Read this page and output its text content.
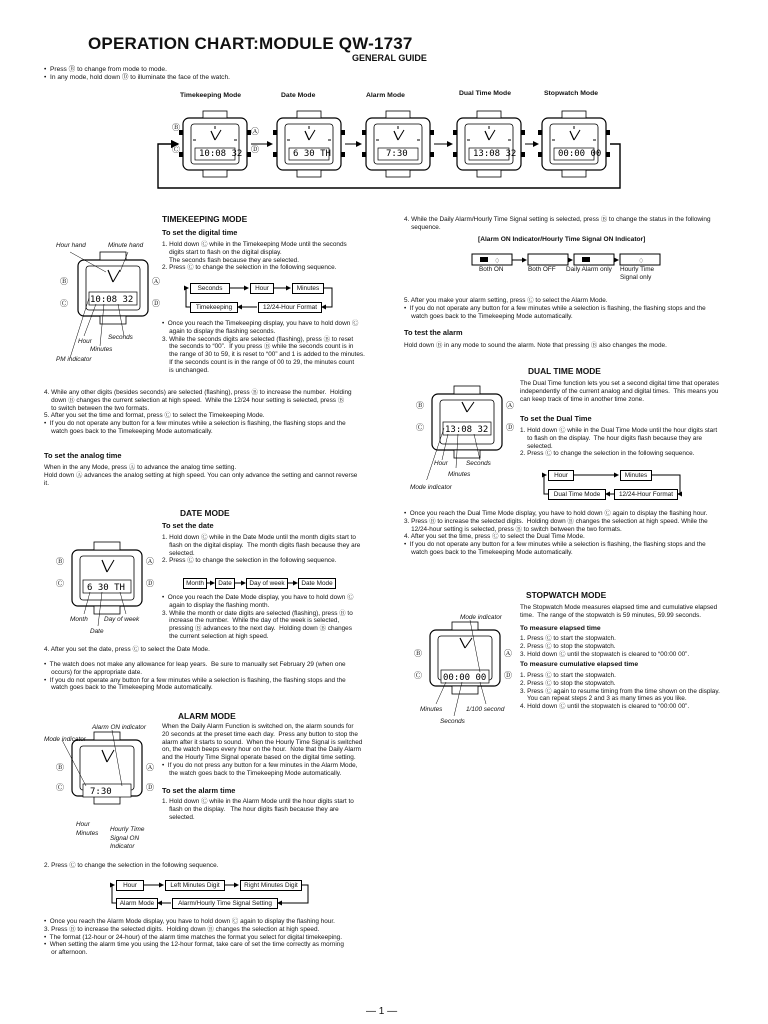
OPERATION CHART:MODULE QW-1737
GENERAL GUIDE
•  Press Ⓑ to change from mode to mode.
•  In any mode, hold down Ⓓ to illuminate the face of the watch.
Timekeeping Mode	Date Mode	Alarm Mode	Dual Time Mode	Stopwatch Mode
10:08 32	6 30 TH	7:30	13:08 32	00:00 00
Ⓑ
Ⓒ
Ⓐ
Ⓓ
TIMEKEEPING MODE
To set the digital time
10:08 32
Ⓑ
Ⓒ
Ⓐ
Ⓓ
Hour hand	Minute hand
Hour
Seconds
Minutes
PM indicator
1. Hold down Ⓒ while in the Timekeeping Mode until the seconds
digits start to flash on the digital display.
The seconds flash because they are selected.
2. Press Ⓒ to change the selection in the following sequence.
Seconds	Hour	Minutes
Timekeeping	12/24-Hour Format
•  Once you reach the Timekeeping display, you have to hold down Ⓒ
again to display the flashing seconds.
3. While the seconds digits are selected (flashing), press Ⓑ to reset
the seconds to “00”.  If you press Ⓑ while the seconds count is in
the range of 30 to 59, it is reset to “00” and 1 is added to the minutes.
If the seconds count is in the range of 00 to 29, the minutes count
is unchanged.
4. While any other digits (besides seconds) are selected (flashing), press Ⓑ to increase the number.  Holding
down Ⓑ changes the current selection at high speed.  While the 12/24 hour setting is selected, press Ⓑ
to switch between the two formats.
5. After you set the time and format, press Ⓒ to select the Timekeeping Mode.
•  If you do not operate any button for a few minutes while a selection is flashing, the flashing stops and the
watch goes back to the Timekeeping Mode automatically.
To set the analog time
When in the any Mode, press Ⓐ to advance the analog time setting.
Hold down Ⓐ advances the analog setting at high speed. You can only advance the setting and cannot reverse
it.
DATE MODE
To set the date
6 30 TH
Ⓑ
Ⓒ
Ⓐ
Ⓓ
Month	Day of week
Date
1. Hold down Ⓒ while in the Date Mode until the month digits start to
flash on the digital display.  The month digits flash because they are
selected.
2. Press Ⓒ to change the selection in the following sequence.
Month	Date	Day of week	Date Mode
•  Once you reach the Date Mode display, you have to hold down Ⓒ
again to display the flashing month.
3. While the month or date digits are selected (flashing), press Ⓑ to
increase the number.  While the day of the week is selected,
pressing Ⓑ advances to the next day.  Holding down Ⓑ changes
the current selection at high speed.
4. After you set the date, press Ⓒ to select the Date Mode.
•  The watch does not make any allowance for leap years.  Be sure to manually set February 29 (when one
occurs) for the appropriate date.
•  If you do not operate any button for a few minutes while a selection is flashing, the flashing stops and the
watch goes back to the Timekeeping Mode automatically.
ALARM MODE
7:30
Ⓑ
Ⓒ
Ⓐ
Ⓓ
Alarm ON indicator
Mode indicator
Hour
Minutes
Hourly Time
Signal ON
Indicator
When the Daily Alarm Function is switched on, the alarm sounds for
20 seconds at the preset time each day.  Press any button to stop the
alarm after it starts to sound.  When the Hourly Time Signal is switched
on, the watch beeps every hour on the hour.  Note that the Daily Alarm
and the Hourly Time Signal operate based on the digital time setting.
•  If you do not press any button for a few minutes in the Alarm Mode,
the watch goes back to the Timekeeping Mode automatically.
To set the alarm time
1. Hold down Ⓒ while in the Alarm Mode until the hour digits start to
flash on the display.   The hour digits flash because they are
selected.
2. Press Ⓒ to change the selection in the following sequence.
Hour	Left Minutes Digit	Right Minutes Digit
Alarm Mode	Alarm/Hourly Time Signal Setting
•  Once you reach the Alarm Mode display, you have to hold down Ⓒ again to display the flashing hour.
3. Press Ⓑ to increase the selected digits.  Holding down Ⓑ changes the selection at high speed.
•  The format (12-hour or 24-hour) of the alarm time matches the format you select for digital timekeeping.
•  When setting the alarm time you using the 12-hour format, take care of set the time correctly as morning
or afternoon.
4. While the Daily Alarm/Hourly Time Signal setting is selected, press Ⓑ to change the status in the following
sequence.
[Alarm ON Indicator/Hourly Time Signal ON Indicator]
♢	♢
Both ON	Both OFF Daily Alarm only Hourly Time
Signal only
5. After you make your alarm setting, press Ⓒ to select the Alarm Mode.
•  If you do not operate any button for a few minutes while a selection is flashing, the flashing stops and the
watch goes back to the Timekeeping Mode automatically.
To test the alarm
Hold down Ⓑ in any mode to sound the alarm. Note that pressing Ⓑ also changes the mode.
DUAL TIME MODE
The Dual Time function lets you set a second digital time that operates
independently of the current analog and digital times.  This means you
can keep track of time in another time zone.
To set the Dual Time
1. Hold down Ⓒ while in the Dual Time Mode until the hour digits start
to flash on the display.  The hour digits flash because they are
selected.
2. Press Ⓒ to change the selection in the following sequence.
13:08 32
Ⓑ
Ⓒ
Ⓐ
Ⓓ
Hour	Seconds
Minutes
Mode indicator
Hour	Minutes
Dual Time Mode	12/24-Hour Format
•  Once you reach the Dual Time Mode display, you have to hold down Ⓒ again to display the flashing hour.
3. Press Ⓑ to increase the selected digits.  Holding down Ⓑ changes the selection at high speed. While the
12/24-hour setting is selected, press Ⓑ to switch between the two formats.
4. After you set the time, press Ⓒ to select the Dual Time Mode.
•  If you do not operate any button for a few minutes while a selection is flashing, the flashing stops and the
watch goes back to the Timekeeping Mode automatically.
STOPWATCH MODE
The Stopwatch Mode measures elapsed time and cumulative elapsed
time.  The range of the stopwatch is 59 minutes, 59.99 seconds.
To measure elapsed time
1. Press Ⓒ to start the stopwatch.
2. Press Ⓒ to stop the stopwatch.
3. Hold down Ⓒ until the stopwatch is cleared to “00:00 00”.
To measure cumulative elapsed time
1. Press Ⓒ to start the stopwatch.
2. Press Ⓒ to stop the stopwatch.
3. Press Ⓒ again to resume timing from the time shown on the display.
You can repeat steps 2 and 3 as many times as you like.
4. Hold down Ⓒ until the stopwatch is cleared to “00:00 00”.
00:00 00
Ⓑ
Ⓒ
Ⓐ
Ⓓ
Mode indicator
Minutes	1/100 second
Seconds
— 1 —
